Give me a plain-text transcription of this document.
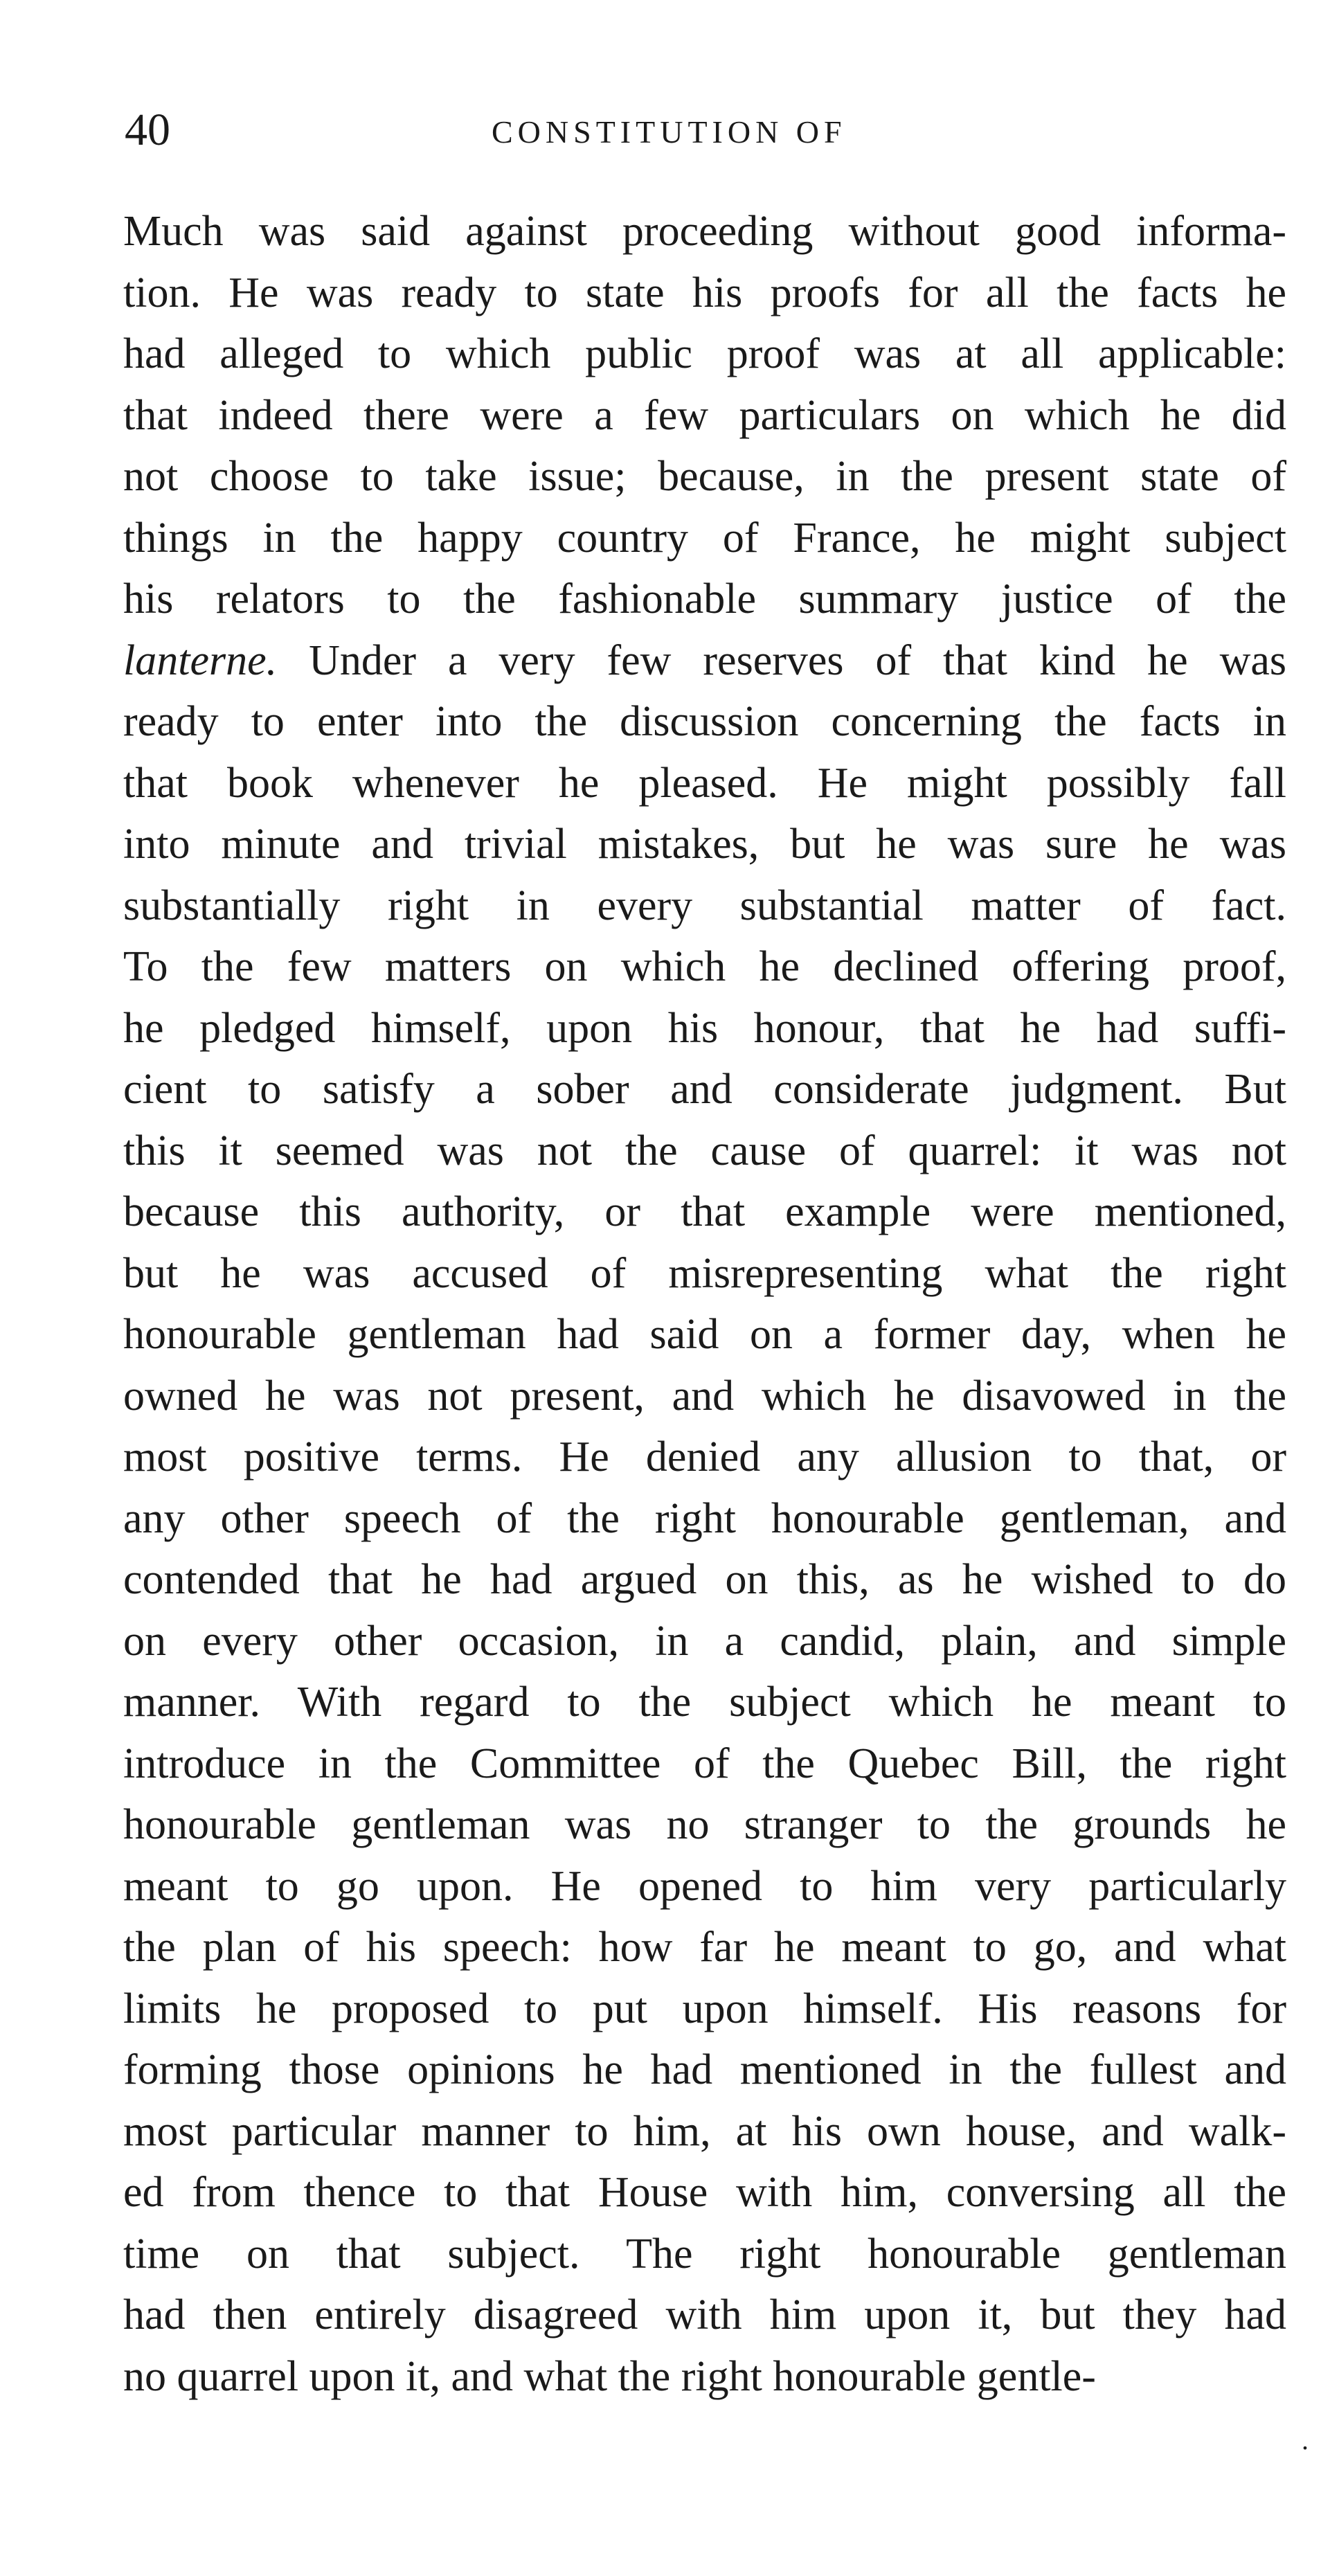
40	CONSTITUTION OF
Much was said against proceeding without good informa-
tion. He was ready to state his proofs for all the facts he
had alleged to which public proof was at all applicable:
that indeed there were a few particulars on which he did
not choose to take issue; because, in the present state of
things in the happy country of France, he might subject
his relators to the fashionable summary justice of the
lanterne. Under a very few reserves of that kind he was
ready to enter into the discussion concerning the facts in
that book whenever he pleased. He might possibly fall
into minute and trivial mistakes, but he was sure he was
substantially right in every substantial matter of fact.
To the few matters on which he declined offering proof,
he pledged himself, upon his honour, that he had suffi-
cient to satisfy a sober and considerate judgment. But
this it seemed was not the cause of quarrel: it was not
because this authority, or that example were mentioned,
but he was accused of misrepresenting what the right
honourable gentleman had said on a former day, when he
owned he was not present, and which he disavowed in the
most positive terms. He denied any allusion to that, or
any other speech of the right honourable gentleman, and
contended that he had argued on this, as he wished to do
on every other occasion, in a candid, plain, and simple
manner. With regard to the subject which he meant to
introduce in the Committee of the Quebec Bill, the right
honourable gentleman was no stranger to the grounds he
meant to go upon. He opened to him very particularly
the plan of his speech: how far he meant to go, and what
limits he proposed to put upon himself. His reasons for
forming those opinions he had mentioned in the fullest and
most particular manner to him, at his own house, and walk-
ed from thence to that House with him, conversing all the
time on that subject. The right honourable gentleman
had then entirely disagreed with him upon it, but they had
no quarrel upon it, and what the right honourable gentle-
.
